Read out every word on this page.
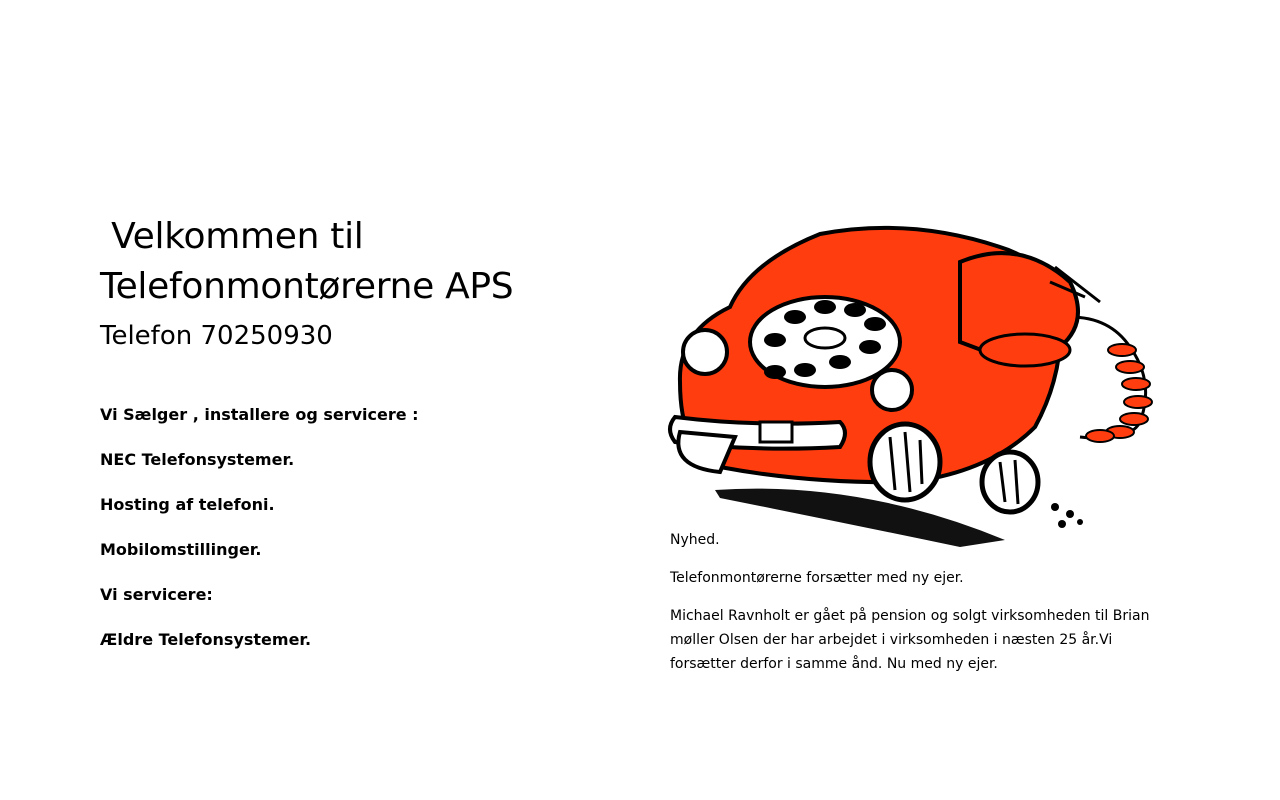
Velkommen til
Telefonmontørerne APS
Telefon 70250930

Vi Sælger , installere og servicere :

NEC Telefonsystemer.

Hosting af telefoni.

Mobilomstillinger.

Vi servicere:

Ældre Telefonsystemer.

Nyhed.

Telefonmontørerne forsætter med ny ejer.

Michael Ravnholt er gået på pension og solgt virksomheden til Brian møller Olsen der har arbejdet i virksomheden i næsten 25 år.Vi forsætter derfor i samme ånd. Nu med ny ejer.
